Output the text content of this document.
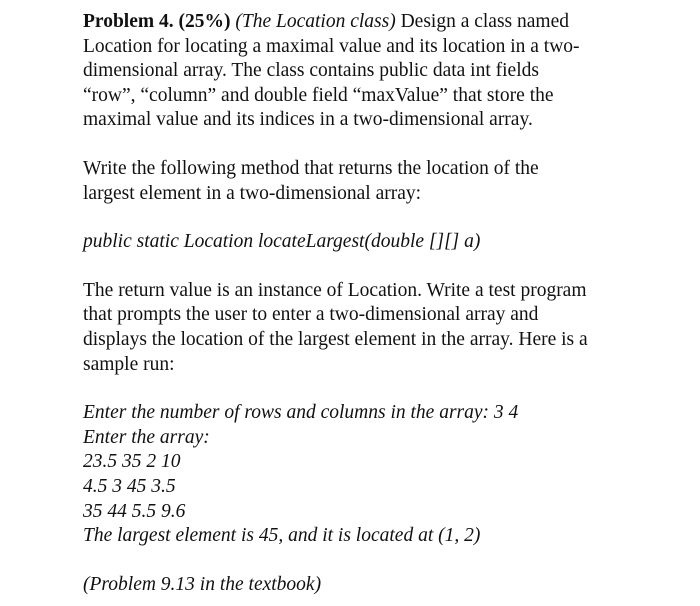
Problem 4. (25%) (The Location class) Design a class named
Location for locating a maximal value and its location in a two-
dimensional array. The class contains public data int fields
“row”, “column” and double field “maxValue” that store the
maximal value and its indices in a two-dimensional array.

Write the following method that returns the location of the
largest element in a two-dimensional array:

public static Location locateLargest(double [][] a)

The return value is an instance of Location. Write a test program
that prompts the user to enter a two-dimensional array and
displays the location of the largest element in the array. Here is a
sample run:

Enter the number of rows and columns in the array: 3 4
Enter the array:
23.5 35 2 10
4.5 3 45 3.5
35 44 5.5 9.6
The largest element is 45, and it is located at (1, 2)

(Problem 9.13 in the textbook)
